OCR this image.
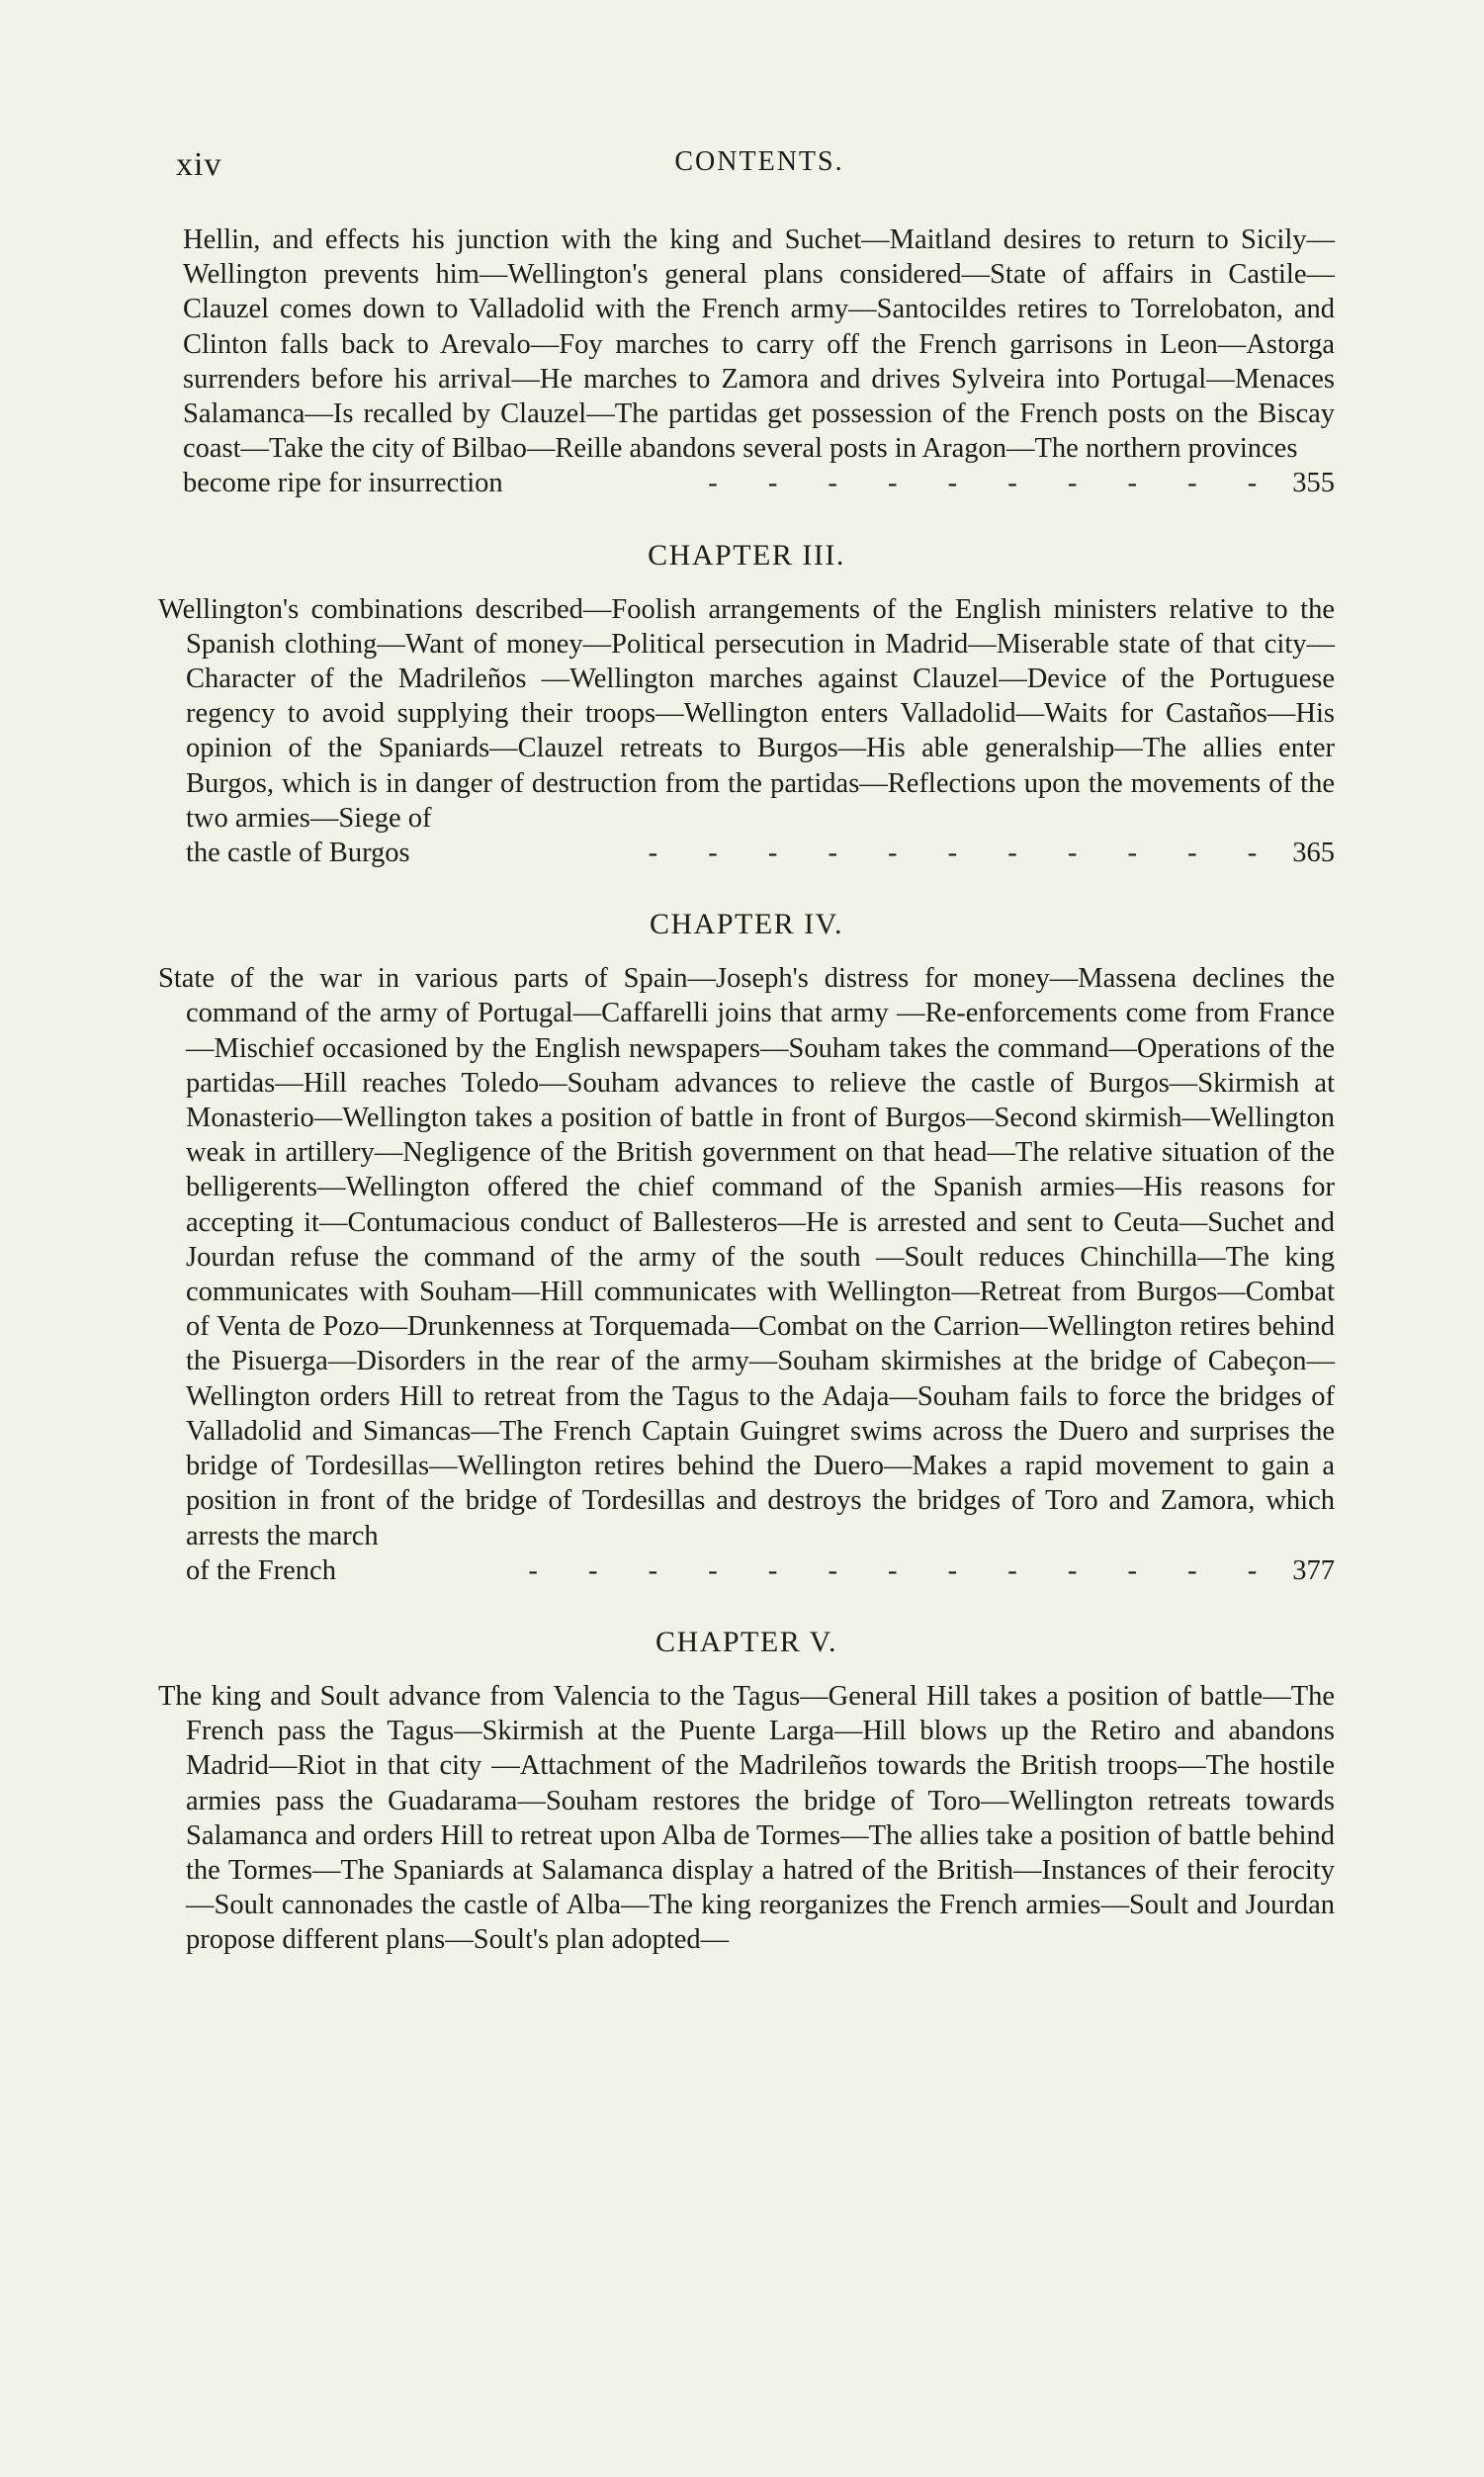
xiv	CONTENTS.
Hellin, and effects his junction with the king and Suchet—Maitland desires to return to Sicily—Wellington prevents him—Wellington's general plans considered—State of affairs in Castile—Clauzel comes down to Valladolid with the French army—Santocildes retires to Torrelobaton, and Clinton falls back to Arevalo—Foy marches to carry off the French garrisons in Leon—Astorga surrenders before his arrival—He marches to Zamora and drives Sylveira into Portugal—Menaces Salamanca—Is recalled by Clauzel—The partidas get possession of the French posts on the Biscay coast—Take the city of Bilbao—Reille abandons several posts in Aragon—The northern provinces
become ripe for insurrection	- - - - - - - - - - 355
CHAPTER III.
Wellington's combinations described—Foolish arrangements of the English ministers relative to the Spanish clothing—Want of money—Political persecution in Madrid—Miserable state of that city—Character of the Madrileños —Wellington marches against Clauzel—Device of the Portuguese regency to avoid supplying their troops—Wellington enters Valladolid—Waits for Castaños—His opinion of the Spaniards—Clauzel retreats to Burgos—His able generalship—The allies enter Burgos, which is in danger of destruction from the partidas—Reflections upon the movements of the two armies—Siege of
the castle of Burgos	- - - - - - - - - - - 365
CHAPTER IV.
State of the war in various parts of Spain—Joseph's distress for money—Massena declines the command of the army of Portugal—Caffarelli joins that army —Re-enforcements come from France—Mischief occasioned by the English newspapers—Souham takes the command—Operations of the partidas—Hill reaches Toledo—Souham advances to relieve the castle of Burgos—Skirmish at Monasterio—Wellington takes a position of battle in front of Burgos—Second skirmish—Wellington weak in artillery—Negligence of the British government on that head—The relative situation of the belligerents—Wellington offered the chief command of the Spanish armies—His reasons for accepting it—Contumacious conduct of Ballesteros—He is arrested and sent to Ceuta—Suchet and Jourdan refuse the command of the army of the south —Soult reduces Chinchilla—The king communicates with Souham—Hill communicates with Wellington—Retreat from Burgos—Combat of Venta de Pozo—Drunkenness at Torquemada—Combat on the Carrion—Wellington retires behind the Pisuerga—Disorders in the rear of the army—Souham skirmishes at the bridge of Cabeçon—Wellington orders Hill to retreat from the Tagus to the Adaja—Souham fails to force the bridges of Valladolid and Simancas—The French Captain Guingret swims across the Duero and surprises the bridge of Tordesillas—Wellington retires behind the Duero—Makes a rapid movement to gain a position in front of the bridge of Tordesillas and destroys the bridges of Toro and Zamora, which arrests the march
of the French	- - - - - - - - - - - - - 377
CHAPTER V.
The king and Soult advance from Valencia to the Tagus—General Hill takes a position of battle—The French pass the Tagus—Skirmish at the Puente Larga—Hill blows up the Retiro and abandons Madrid—Riot in that city —Attachment of the Madrileños towards the British troops—The hostile armies pass the Guadarama—Souham restores the bridge of Toro—Wellington retreats towards Salamanca and orders Hill to retreat upon Alba de Tormes—The allies take a position of battle behind the Tormes—The Spaniards at Salamanca display a hatred of the British—Instances of their ferocity —Soult cannonades the castle of Alba—The king reorganizes the French armies—Soult and Jourdan propose different plans—Soult's plan adopted—
